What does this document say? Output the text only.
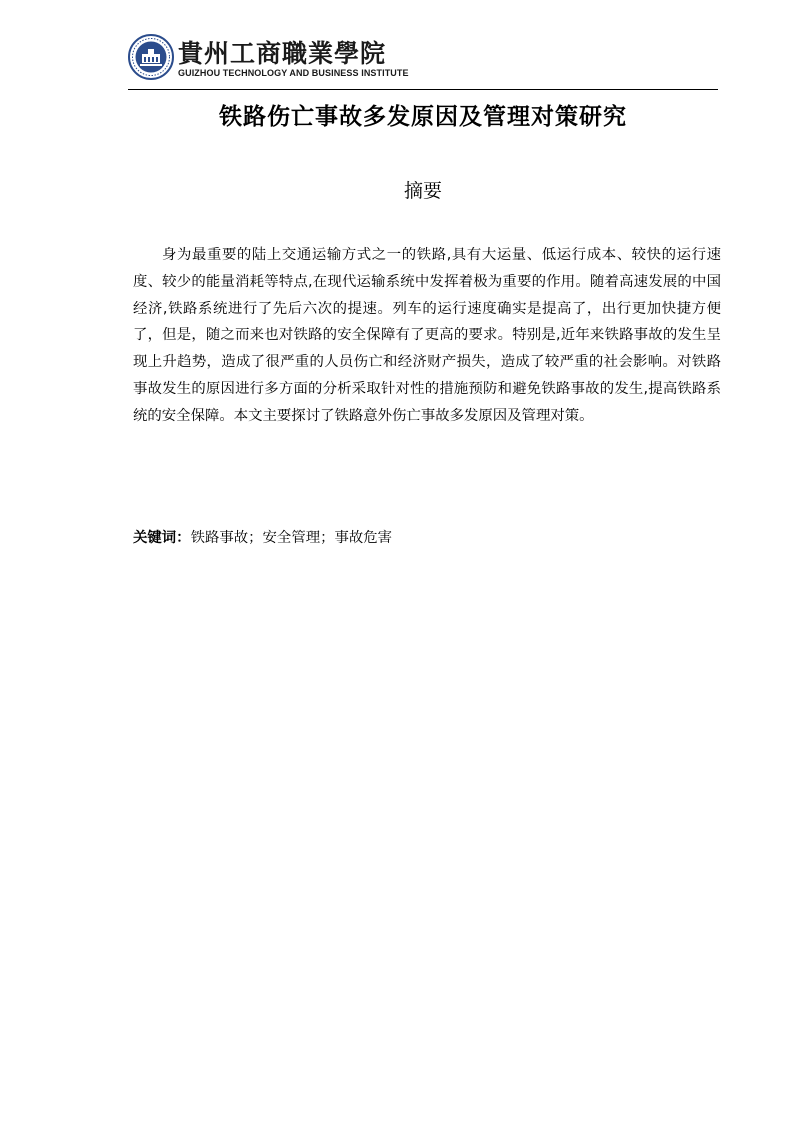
貴州工商職業學院
GUIZHOU TECHNOLOGY AND BUSINESS INSTITUTE
铁路伤亡事故多发原因及管理对策研究
摘要

身为最重要的陆上交通运输方式之一的铁路,具有大运量、低运行成本、较快的运行速度、较少的能量消耗等特点,在现代运输系统中发挥着极为重要的作用。随着高速发展的中国经济,铁路系统进行了先后六次的提速。列车的运行速度确实是提高了，出行更加快捷方便了，但是，随之而来也对铁路的安全保障有了更高的要求。特别是,近年来铁路事故的发生呈现上升趋势，造成了很严重的人员伤亡和经济财产损失，造成了较严重的社会影响。对铁路事故发生的原因进行多方面的分析采取针对性的措施预防和避免铁路事故的发生,提高铁路系统的安全保障。本文主要探讨了铁路意外伤亡事故多发原因及管理对策。

关键词：铁路事故；安全管理；事故危害
